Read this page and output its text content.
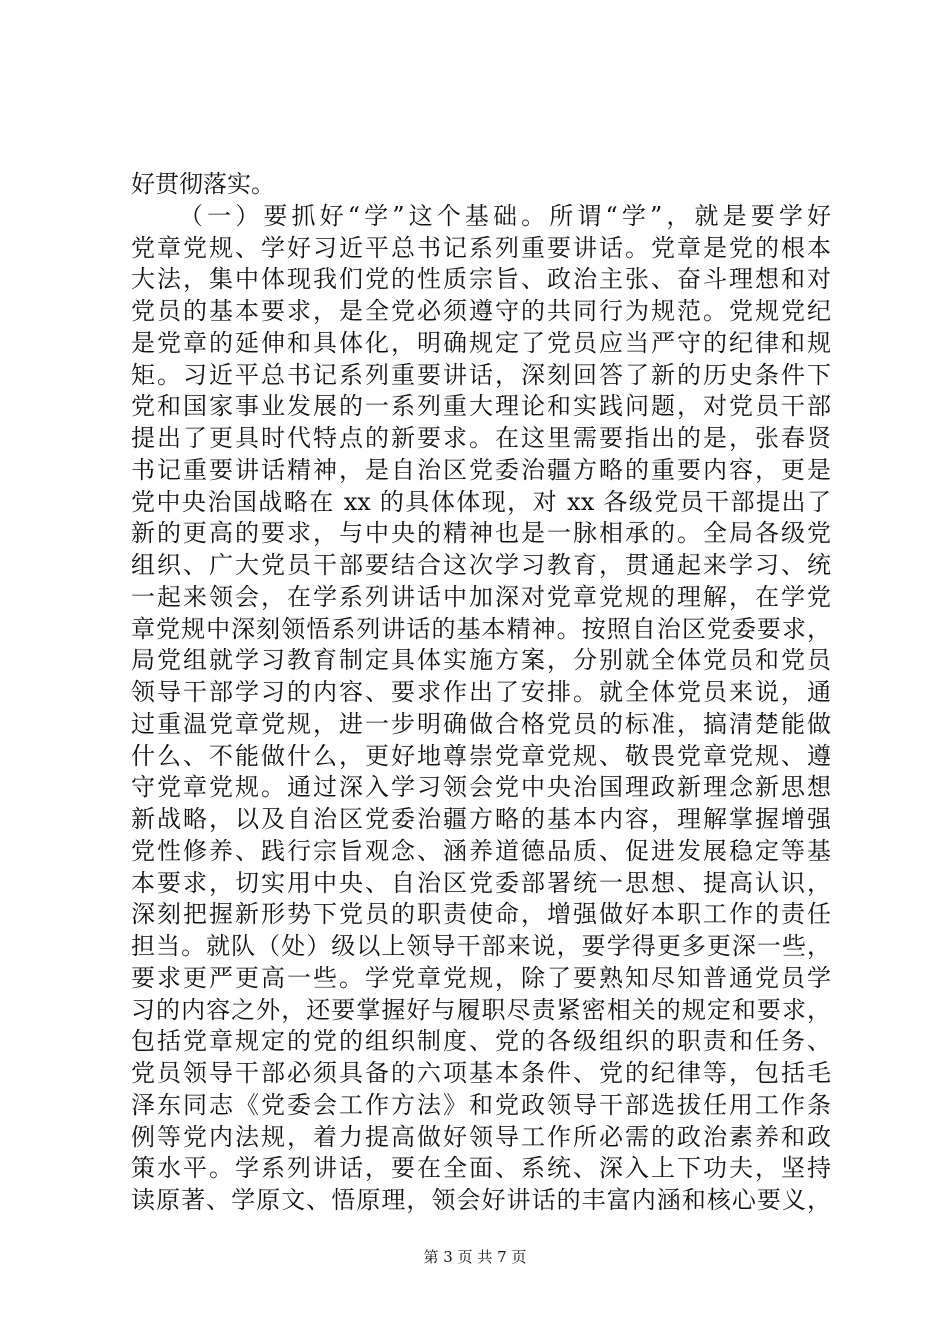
好贯彻落实。
（一）要抓好“学”这个基础。所谓“学”，就是要学好
党章党规、学好习近平总书记系列重要讲话。党章是党的根本
大法，集中体现我们党的性质宗旨、政治主张、奋斗理想和对
党员的基本要求，是全党必须遵守的共同行为规范。党规党纪
是党章的延伸和具体化，明确规定了党员应当严守的纪律和规
矩。习近平总书记系列重要讲话，深刻回答了新的历史条件下
党和国家事业发展的一系列重大理论和实践问题，对党员干部
提出了更具时代特点的新要求。在这里需要指出的是，张春贤
书记重要讲话精神，是自治区党委治疆方略的重要内容，更是
党中央治国战略在 xx 的具体体现，对 xx 各级党员干部提出了
新的更高的要求，与中央的精神也是一脉相承的。全局各级党
组织、广大党员干部要结合这次学习教育，贯通起来学习、统
一起来领会，在学系列讲话中加深对党章党规的理解，在学党
章党规中深刻领悟系列讲话的基本精神。按照自治区党委要求，
局党组就学习教育制定具体实施方案，分别就全体党员和党员
领导干部学习的内容、要求作出了安排。就全体党员来说，通
过重温党章党规，进一步明确做合格党员的标准，搞清楚能做
什么、不能做什么，更好地尊崇党章党规、敬畏党章党规、遵
守党章党规。通过深入学习领会党中央治国理政新理念新思想
新战略，以及自治区党委治疆方略的基本内容，理解掌握增强
党性修养、践行宗旨观念、涵养道德品质、促进发展稳定等基
本要求，切实用中央、自治区党委部署统一思想、提高认识，
深刻把握新形势下党员的职责使命，增强做好本职工作的责任
担当。就队（处）级以上领导干部来说，要学得更多更深一些，
要求更严更高一些。学党章党规，除了要熟知尽知普通党员学
习的内容之外，还要掌握好与履职尽责紧密相关的规定和要求，
包括党章规定的党的组织制度、党的各级组织的职责和任务、
党员领导干部必须具备的六项基本条件、党的纪律等，包括毛
泽东同志《党委会工作方法》和党政领导干部选拔任用工作条
例等党内法规，着力提高做好领导工作所必需的政治素养和政
策水平。学系列讲话，要在全面、系统、深入上下功夫，坚持
读原著、学原文、悟原理，领会好讲话的丰富内涵和核心要义，
第 3 页 共 7 页
